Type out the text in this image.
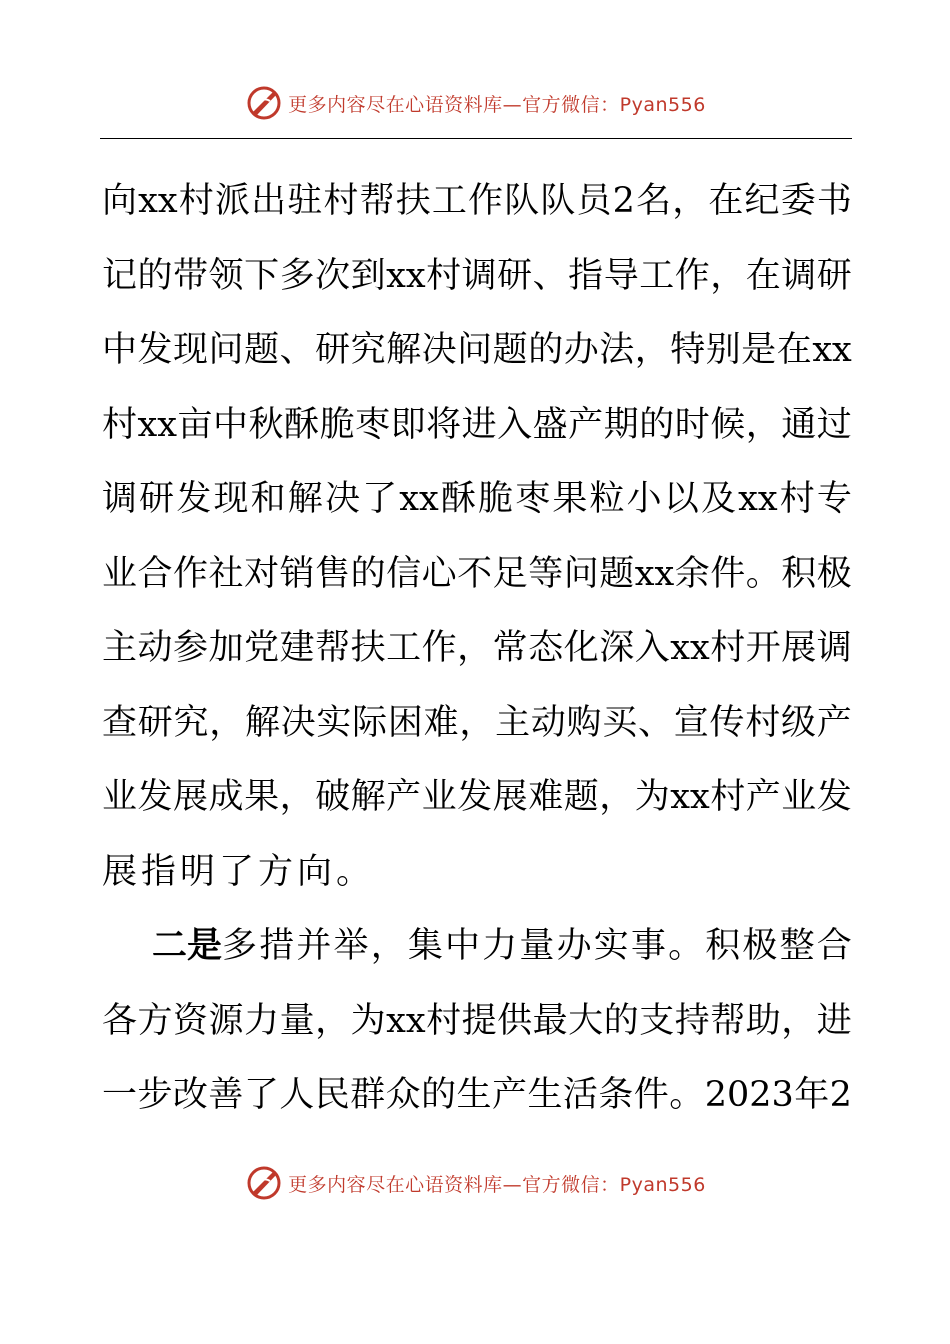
更多内容尽在心语资料库—官方微信：Pyan556
向 xx 村 派 出 驻 村 帮 扶 工 作 队 队 员 2 名 ， 在 纪 委 书
记 的 带 领 下 多 次 到 xx 村 调 研 、 指 导 工 作 ， 在 调 研
中 发 现 问 题 、 研 究 解 决 问 题 的 办 法 ， 特 别 是 在 xx
村 xx 亩 中 秋 酥 脆 枣 即 将 进 入 盛 产 期 的 时 候 ， 通 过
调 研 发 现 和 解 决 了 xx 酥 脆 枣 果 粒 小 以 及 xx 村 专
业 合 作 社 对 销 售 的 信 心 不 足 等 问 题 xx 余 件 。 积 极
主 动 参 加 党 建 帮 扶 工 作 ， 常 态 化 深 入 xx 村 开 展 调
查 研 究 ， 解 决 实 际 困 难 ， 主 动 购 买 、 宣 传 村 级 产
业 发 展 成 果 ， 破 解 产 业 发 展 难 题 ， 为 xx 村 产 业 发
展指明了方向。
二是 多 措 并 举 ， 集 中 力 量 办 实 事 。 积 极 整 合
各 方 资 源 力 量 ， 为 xx 村 提 供 最 大 的 支 持 帮 助 ， 进
一 步 改 善 了 人 民 群 众 的 生 产 生 活 条 件 。 2023 年 2
更多内容尽在心语资料库—官方微信：Pyan556
